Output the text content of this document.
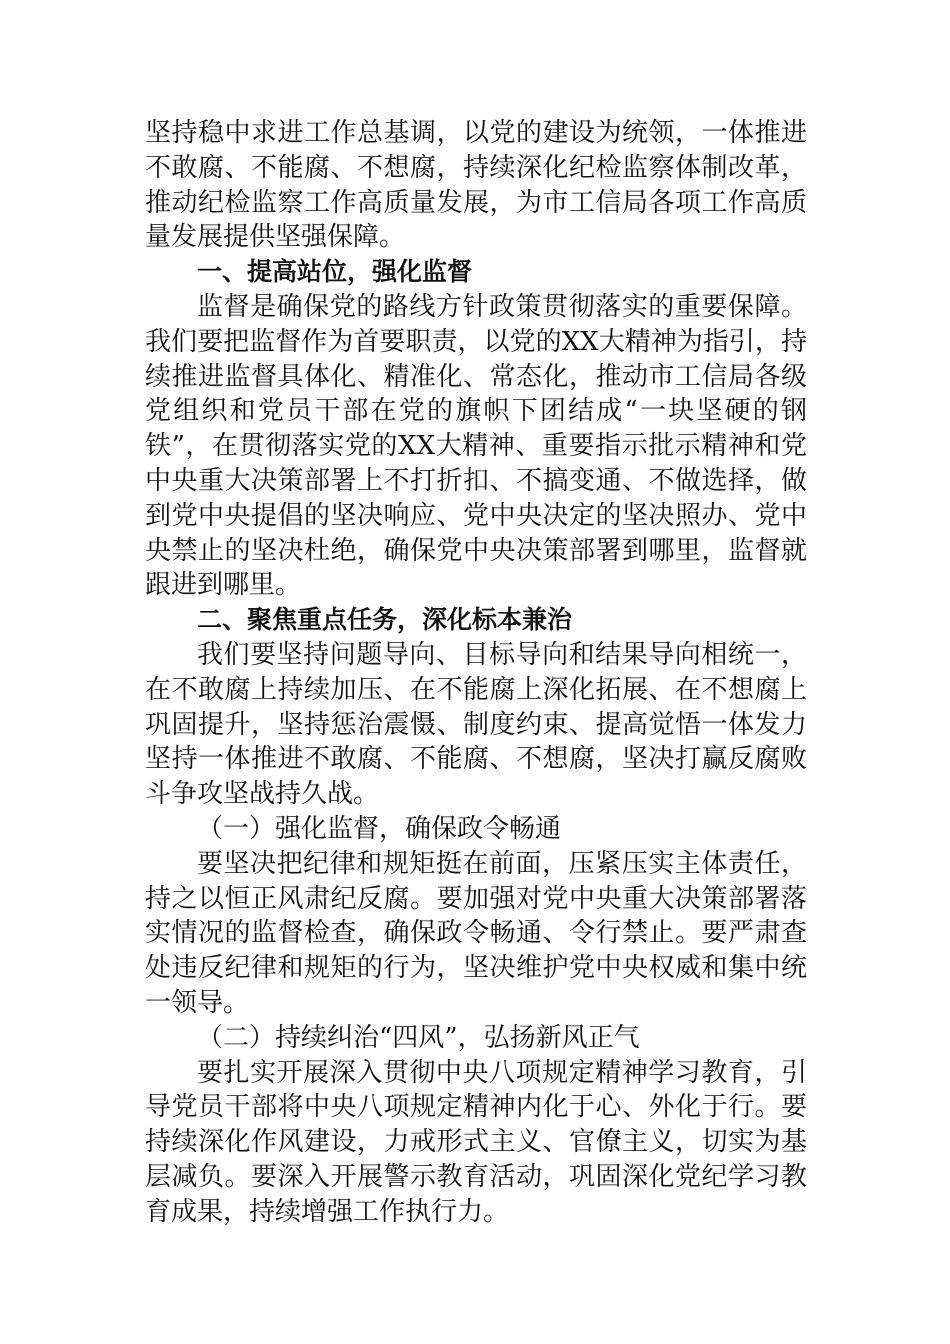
坚持稳中求进工作总基调，以党的建设为统领，一体推进不敢腐、不能腐、不想腐，持续深化纪检监察体制改革，推动纪检监察工作高质量发展，为市工信局各项工作高质量发展提供坚强保障。

一、提高站位，强化监督

监督是确保党的路线方针政策贯彻落实的重要保障。我们要把监督作为首要职责，以党的XX大精神为指引，持续推进监督具体化、精准化、常态化，推动市工信局各级党组织和党员干部在党的旗帜下团结成“一块坚硬的钢铁”，在贯彻落实党的XX大精神、重要指示批示精神和党中央重大决策部署上不打折扣、不搞变通、不做选择，做到党中央提倡的坚决响应、党中央决定的坚决照办、党中央禁止的坚决杜绝，确保党中央决策部署到哪里，监督就跟进到哪里。

二、聚焦重点任务，深化标本兼治

我们要坚持问题导向、目标导向和结果导向相统一，在不敢腐上持续加压、在不能腐上深化拓展、在不想腐上巩固提升，坚持惩治震慑、制度约束、提高觉悟一体发力坚持一体推进不敢腐、不能腐、不想腐，坚决打赢反腐败斗争攻坚战持久战。

（一）强化监督，确保政令畅通

要坚决把纪律和规矩挺在前面，压紧压实主体责任，持之以恒正风肃纪反腐。要加强对党中央重大决策部署落实情况的监督检查，确保政令畅通、令行禁止。要严肃查处违反纪律和规矩的行为，坚决维护党中央权威和集中统一领导。

（二）持续纠治“四风”，弘扬新风正气

要扎实开展深入贯彻中央八项规定精神学习教育，引导党员干部将中央八项规定精神内化于心、外化于行。要持续深化作风建设，力戒形式主义、官僚主义，切实为基层减负。要深入开展警示教育活动，巩固深化党纪学习教育成果，持续增强工作执行力。
